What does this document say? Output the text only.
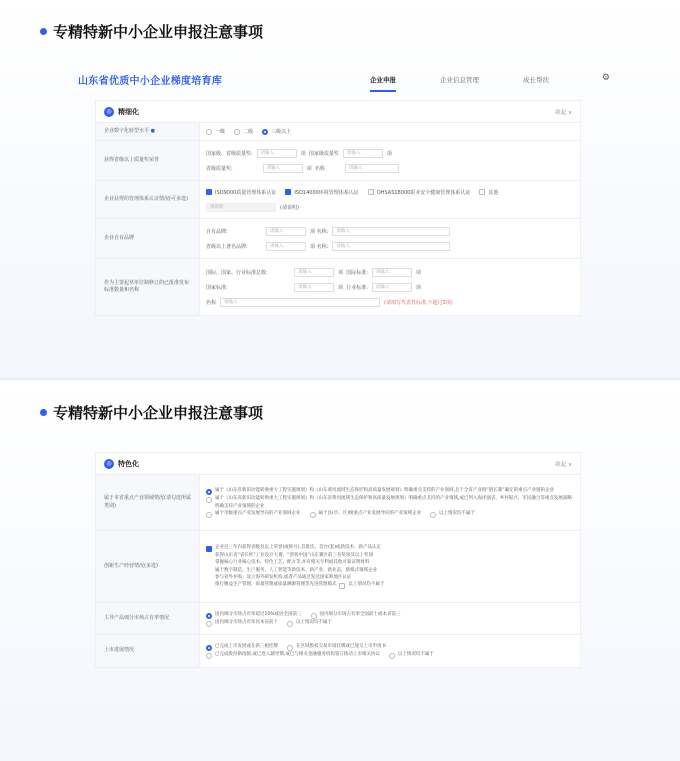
专精特新中小企业申报注意事项
山东省优质中小企业梯度培育库	企业申报	企业信息管理	成长帮扶	⚙
◎ 精细化	收起 ∨
企业数字化转型水平
●	一级	二级	三级以上
获得省级以上质量奖荣誉
国家级、省级质量奖:	请输入	项
国家级质量奖	请输入	项
省级质量奖:	请输入	项
名称	请输入
企业获得的管理体系认证情况(可多选)
ISO9000质量管理体系认证	ISO14000环境管理体系认证	OHSAS18000职业安全健康管理体系认证	其他
请说明	(请说明)
企业自有品牌
自有品牌:	请输入	项
名称:	请输入
省级以上著名品牌:	请输入	项
名称:	请输入
作为主要起草单位制修订的已批准发布标准数量和名称
国际、国家、行业标准总数:	请输入	项
国际标准:	请输入	项
国家标准:	请输入	项
行业标准:	请输入	项
名称	请输入	(请填写代表性标准,不超过3项)
专精特新中小企业申报注意事项
◎ 特色化	收起 ∨
属于本省重点产业领域情况(请勾选所属类别)
属于《山东省新旧动能转换重大工程实施规划》和《山东黄河流域生态保护和高质量发展规划》明确重点支持的产业领域,且于全省产业链“链长制”确定的重点产业链的企业
属于《山东省新旧动能转换重大工程实施规划》和《山东省黄河流域生态保护和高质量发展规划》明确重点支持的产业领域,或已列入海洋强省、乡村振兴、军民融合等重点发展战略明确支持产业领域的企业
属于市级重点产业发展导向的产业领域企业	属于县(市、区)级重点产业发展导向的产业领域企业	以上情况均不属于
创新生产经营情况(多选)
企业近三年内获得省级及以上荣誉(或称号),首批次、首台(套)或新技术、新产品认定
获得山东省“省长杯”工业设计大赛、“创客中国”山东赛区前三名奖项及以上奖项
掌握核心行业核心技术、特色工艺、配方等,并有相关专利或其他可靠证明材料
属于数字制造、生产服务、人工智能等新技术、新产业、新业态、新模式领域企业
参与省外并购、设立海外研发机构,或者产品通过发达国家和地区认证
推行精益生产管理、质量管理或质量溯源管理等先进管理模式
	以上情况均不属于
主导产品细分市场占有率情况
国内细分市场占有率超过10%或居全国前三	国内细分市场占有率全国前十或本省前三
国内细分市场占有率居本省前十	以上情况均不属于
上市进展情况
已完成上市发展或在新三板挂牌	在区域股权交易市场挂牌或已递交上市申请书
已完成股份制改制,或已进入辅导期,或已与相关金融服务机构签订推动上市相关协议	以上情况均不属于
